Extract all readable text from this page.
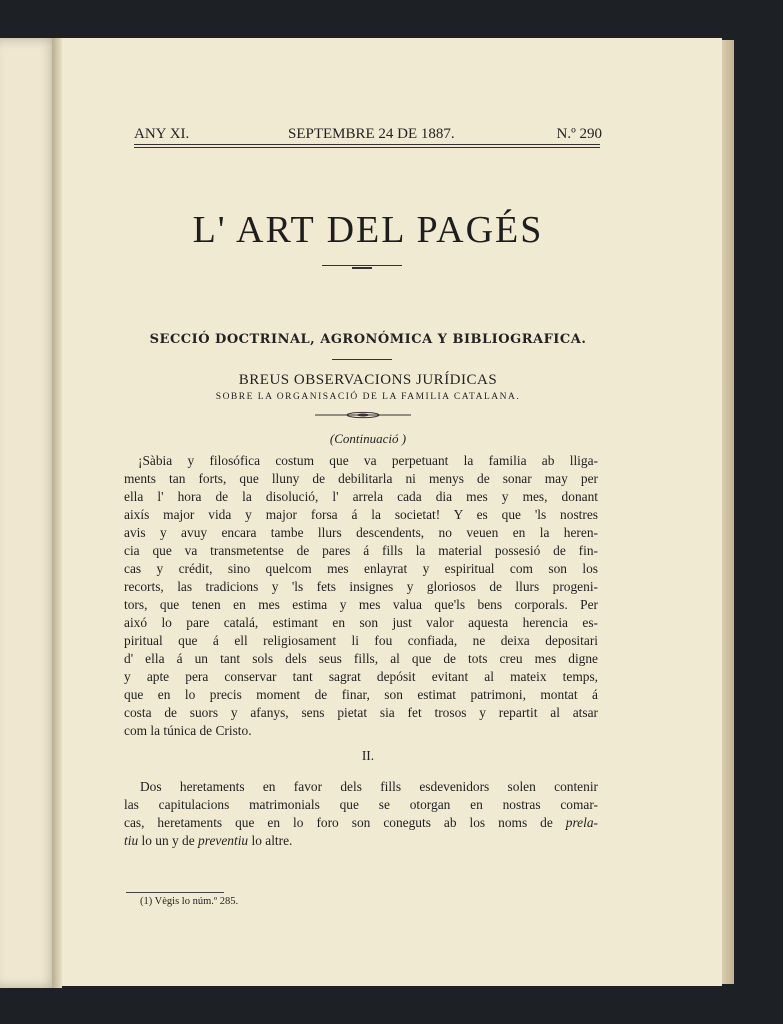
ANY XI.	SEPTEMBRE 24 DE 1887.	N.º 290
L' ART DEL PAGÉS
SECCIÓ DOCTRINAL, AGRONÓMICA Y BIBLIOGRAFICA.
BREUS OBSERVACIONS JURÍDICAS
SOBRE LA ORGANISACIÓ DE LA FAMILIA CATALANA.
(Continuació )
¡Sàbia y filosófica costum que va perpetuant la familia ab lliga-
ments tan forts, que lluny de debilitarla ni menys de sonar may per
ella l' hora de la disolució, l' arrela cada dia mes y mes, donant
aixís major vida y major forsa á la societat! Y es que 'ls nostres
avis y avuy encara tambe llurs descendents, no veuen en la heren-
cia que va transmetentse de pares á fills la material possesió de fin-
cas y crédit, sino quelcom mes enlayrat y espiritual com son los
recorts, las tradicions y 'ls fets insignes y gloriosos de llurs progeni-
tors, que tenen en mes estima y mes valua que'ls bens corporals. Per
aixó lo pare catalá, estimant en son just valor aquesta herencia es-
piritual que á ell religiosament li fou confiada, ne deixa depositari
d' ella á un tant sols dels seus fills, al que de tots creu mes digne
y apte pera conservar tant sagrat depósit evitant al mateix temps,
que en lo precis moment de finar, son estimat patrimoni, montat á
costa de suors y afanys, sens pietat sia fet trosos y repartit al atsar
com la túnica de Cristo.
II.
Dos heretaments en favor dels fills esdevenidors solen contenir
las capitulacions matrimonials que se otorgan en nostras comar-
cas, heretaments que en lo foro son coneguts ab los noms de prela-
tiu lo un y de preventiu lo altre.
(1) Vègis lo núm.º 285.
